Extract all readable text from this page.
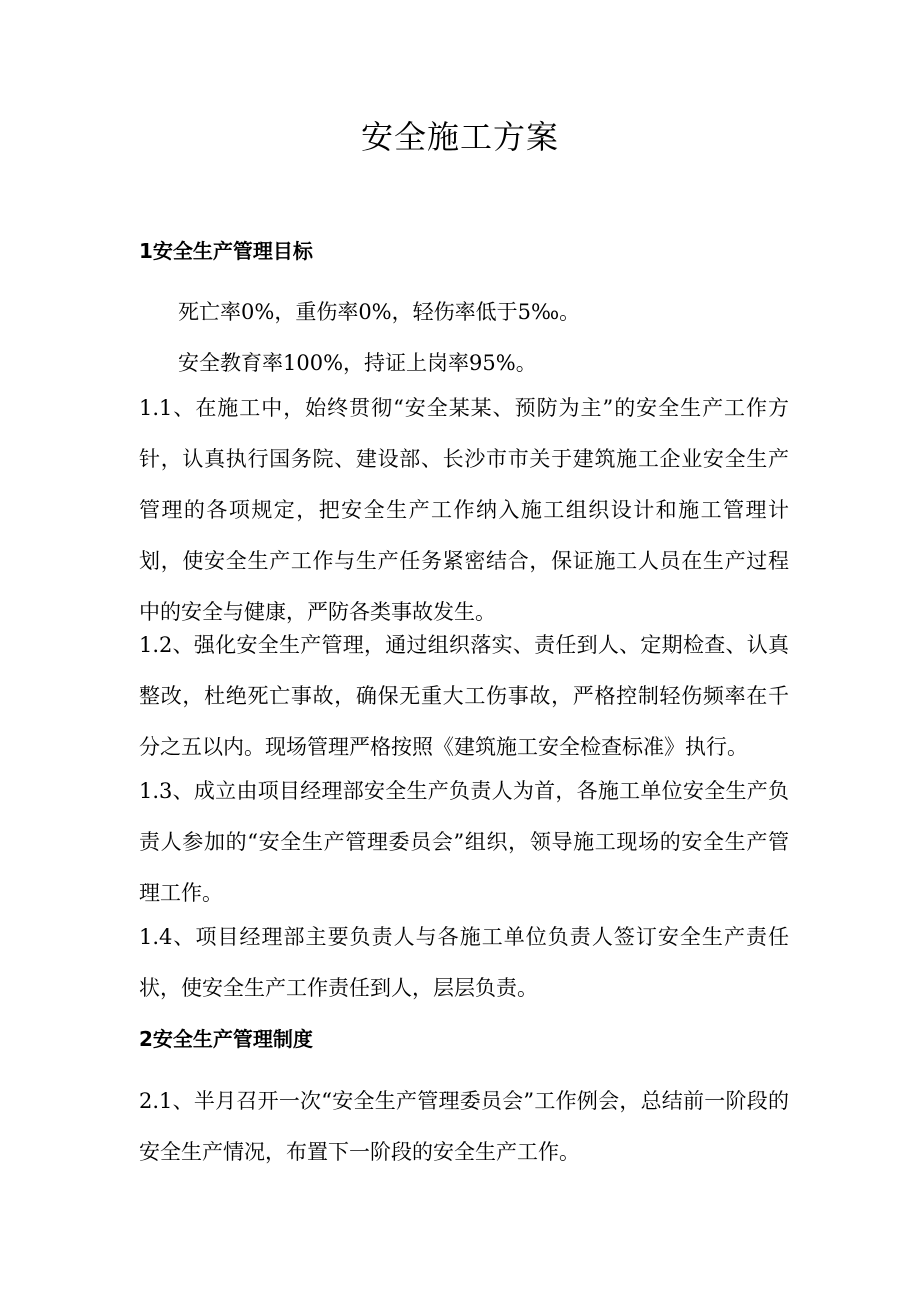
安全施工方案
1安全生产管理目标

死亡率0%，重伤率0%，轻伤率低于5‰。

安全教育率100%，持证上岗率95%。

1.1、在施工中，始终贯彻“安全某某、预防为主”的安全生产工作方针，认真执行国务院、建设部、长沙市市关于建筑施工企业安全生产管理的各项规定，把安全生产工作纳入施工组织设计和施工管理计划，使安全生产工作与生产任务紧密结合，保证施工人员在生产过程中的安全与健康，严防各类事故发生。

1.2、强化安全生产管理，通过组织落实、责任到人、定期检查、认真整改，杜绝死亡事故，确保无重大工伤事故，严格控制轻伤频率在千分之五以内。现场管理严格按照《建筑施工安全检查标准》执行。

1.3、成立由项目经理部安全生产负责人为首，各施工单位安全生产负责人参加的“安全生产管理委员会”组织，领导施工现场的安全生产管理工作。

1.4、项目经理部主要负责人与各施工单位负责人签订安全生产责任状，使安全生产工作责任到人，层层负责。

2安全生产管理制度

2.1、半月召开一次“安全生产管理委员会”工作例会，总结前一阶段的安全生产情况，布置下一阶段的安全生产工作。
